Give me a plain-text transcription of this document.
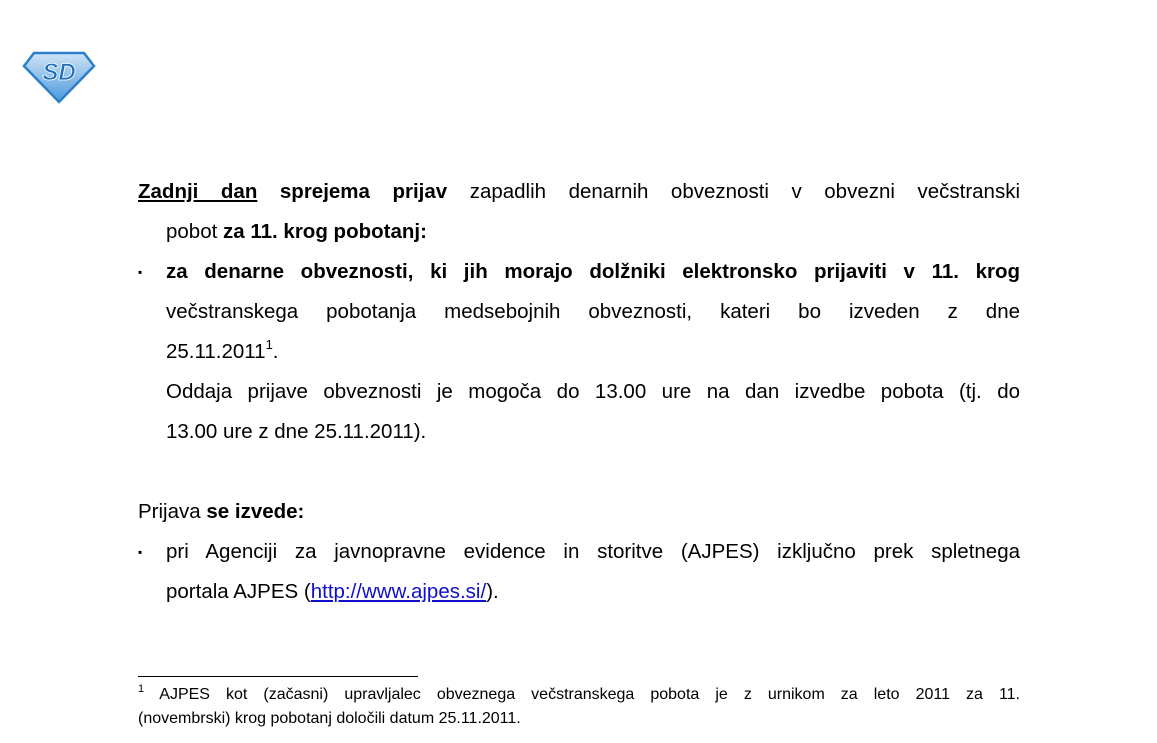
SD
Zadnji dan sprejema prijav zapadlih denarnih obveznosti v obvezni večstranski
pobot za 11. krog pobotanj:
▪ za denarne obveznosti, ki jih morajo dolžniki elektronsko prijaviti v 11. krog
večstranskega pobotanja medsebojnih obveznosti, kateri bo izveden z dne
25.11.2011$^1$.
Oddaja prijave obveznosti je mogoča do 13.00 ure na dan izvedbe pobota (tj. do
13.00 ure z dne 25.11.2011).
Prijava se izvede:
▪ pri Agenciji za javnopravne evidence in storitve (AJPES) izključno prek spletnega
portala AJPES (http://www.ajpes.si/).
$^1$ AJPES kot (začasni) upravljalec obveznega večstranskega pobota je z urnikom za leto 2011 za 11.
(novembrski) krog pobotanj določili datum 25.11.2011.
